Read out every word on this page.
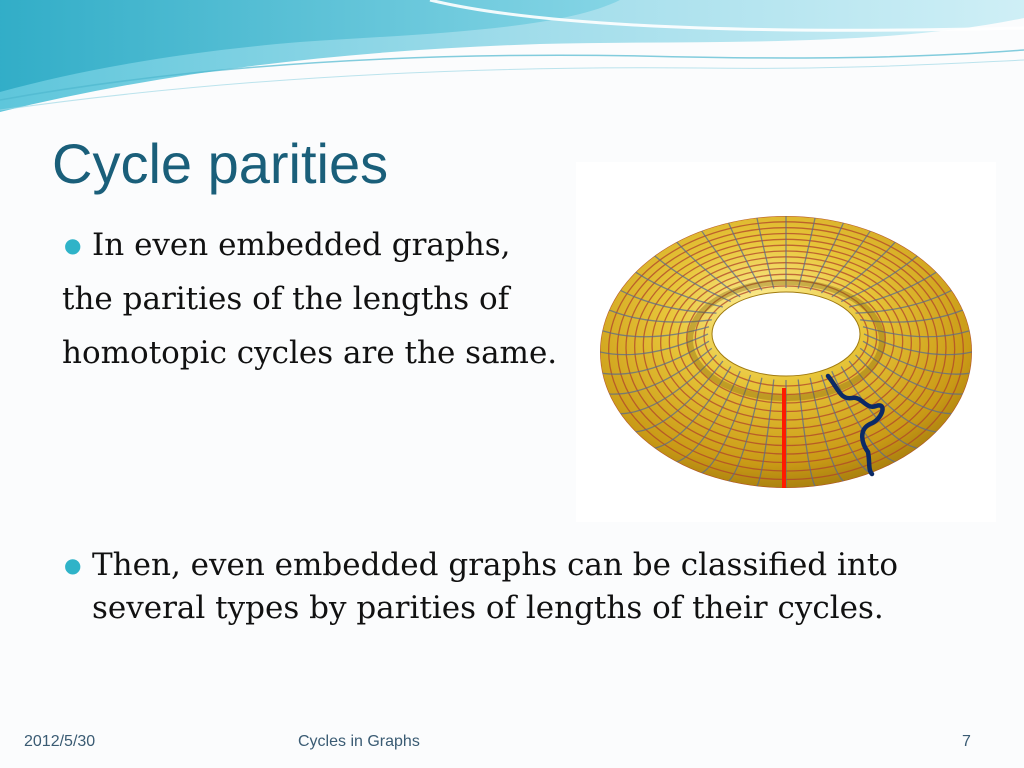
Cycle parities
● In even embedded graphs,
the parities of the lengths of
homotopic cycles are the same.
● Then, even embedded graphs can be classified into
several types by parities of lengths of their cycles.
2012/5/30	Cycles in Graphs	7
